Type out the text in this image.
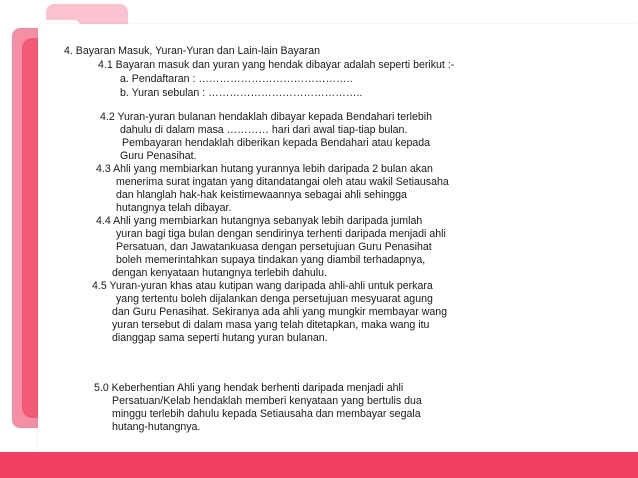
4. Bayaran Masuk, Yuran-Yuran dan Lain-lain Bayaran
4.1 Bayaran masuk dan yuran yang hendak dibayar adalah seperti berikut :-
a. Pendaftaran : ……………………………………..
b. Yuran sebulan : ……………………………………..
4.2 Yuran-yuran bulanan hendaklah dibayar kepada Bendahari terlebih
dahulu di dalam masa ………… hari dari awal tiap-tiap bulan.
Pembayaran hendaklah diberikan kepada Bendahari atau kepada
Guru Penasihat.
4.3 Ahli yang membiarkan hutang yurannya lebih daripada 2 bulan akan
menerima surat ingatan yang ditandatangai oleh atau wakil Setiausaha
dan hlanglah hak-hak keistimewaannya sebagai ahli sehingga
hutangnya telah dibayar.
4.4 Ahli yang membiarkan hutangnya sebanyak lebih daripada jumlah
yuran bagi tiga bulan dengan sendirinya terhenti daripada menjadi ahli
Persatuan, dan Jawatankuasa dengan persetujuan Guru Penasihat
boleh memerintahkan supaya tindakan yang diambil terhadapnya,
dengan kenyataan hutangnya terlebih dahulu.
4.5 Yuran-yuran khas atau kutipan wang daripada ahli-ahli untuk perkara
yang tertentu boleh dijalankan denga persetujuan mesyuarat agung
dan Guru Penasihat. Sekiranya ada ahli yang mungkir membayar wang
yuran tersebut di dalam masa yang telah ditetapkan, maka wang itu
dianggap sama seperti hutang yuran bulanan.
5.0 Keberhentian Ahli yang hendak berhenti daripada menjadi ahli
Persatuan/Kelab hendaklah memberi kenyataan yang bertulis dua
minggu terlebih dahulu kepada Setiausaha dan membayar segala
hutang-hutangnya.
